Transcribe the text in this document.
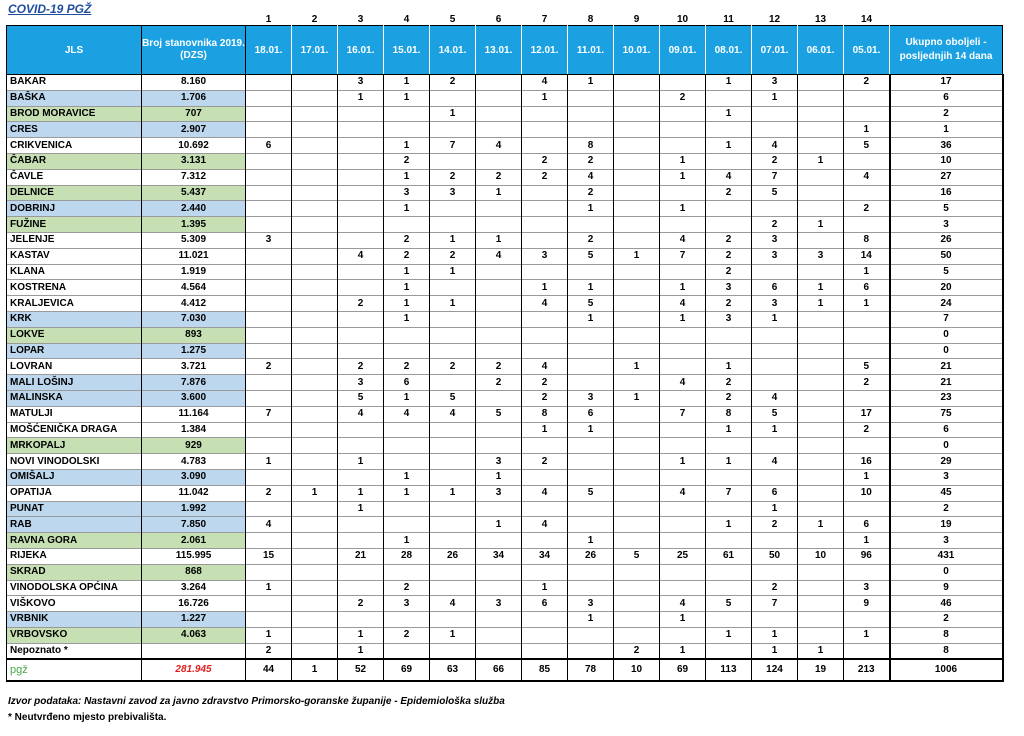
COVID-19 PGŽ
		1	2	3	4	5	6	7	8	9	10	11	12	13	14	
JLS	Broj stanovnika 2019. (DZS)	18.01.	17.01.	16.01.	15.01.	14.01.	13.01.	12.01.	11.01.	10.01.	09.01.	08.01.	07.01.	06.01.	05.01.	Ukupno oboljeli - posljednjih 14 dana
BAKAR	8.160			3	1	2		4	1			1	3		2	17
BAŠKA	1.706			1	1			1			2		1			6
BROD MORAVICE	707					1						1				2
CRES	2.907														1	1
CRIKVENICA	10.692	6			1	7	4		8			1	4		5	36
ČABAR	3.131				2			2	2		1		2	1		10
ČAVLE	7.312				1	2	2	2	4		1	4	7		4	27
DELNICE	5.437				3	3	1		2			2	5			16
DOBRINJ	2.440				1				1		1				2	5
FUŽINE	1.395												2	1		3
JELENJE	5.309	3			2	1	1		2		4	2	3		8	26
KASTAV	11.021			4	2	2	4	3	5	1	7	2	3	3	14	50
KLANA	1.919				1	1						2			1	5
KOSTRENA	4.564				1			1	1		1	3	6	1	6	20
KRALJEVICA	4.412			2	1	1		4	5		4	2	3	1	1	24
KRK	7.030				1				1		1	3	1			7
LOKVE	893															0
LOPAR	1.275															0
LOVRAN	3.721	2		2	2	2	2	4		1		1			5	21
MALI LOŠINJ	7.876			3	6		2	2			4	2			2	21
MALINSKA	3.600			5	1	5		2	3	1		2	4			23
MATULJI	11.164	7		4	4	4	5	8	6		7	8	5		17	75
MOŠĆENIČKA DRAGA	1.384							1	1			1	1		2	6
MRKOPALJ	929															0
NOVI VINODOLSKI	4.783	1		1			3	2			1	1	4		16	29
OMIŠALJ	3.090				1		1								1	3
OPATIJA	11.042	2	1	1	1	1	3	4	5		4	7	6		10	45
PUNAT	1.992			1									1			2
RAB	7.850	4					1	4				1	2	1	6	19
RAVNA GORA	2.061				1				1						1	3
RIJEKA	115.995	15		21	28	26	34	34	26	5	25	61	50	10	96	431
SKRAD	868															0
VINODOLSKA OPĆINA	3.264	1			2			1					2		3	9
VIŠKOVO	16.726			2	3	4	3	6	3		4	5	7		9	46
VRBNIK	1.227								1		1					2
VRBOVSKO	4.063	1		1	2	1						1	1		1	8
Nepoznato *		2		1						2	1		1	1		8
pgž	281.945	44	1	52	69	63	66	85	78	10	69	113	124	19	213	1006
Izvor podataka: Nastavni zavod za javno zdravstvo Primorsko-goranske županije - Epidemiološka služba
* Neutvrđeno mjesto prebivališta.
